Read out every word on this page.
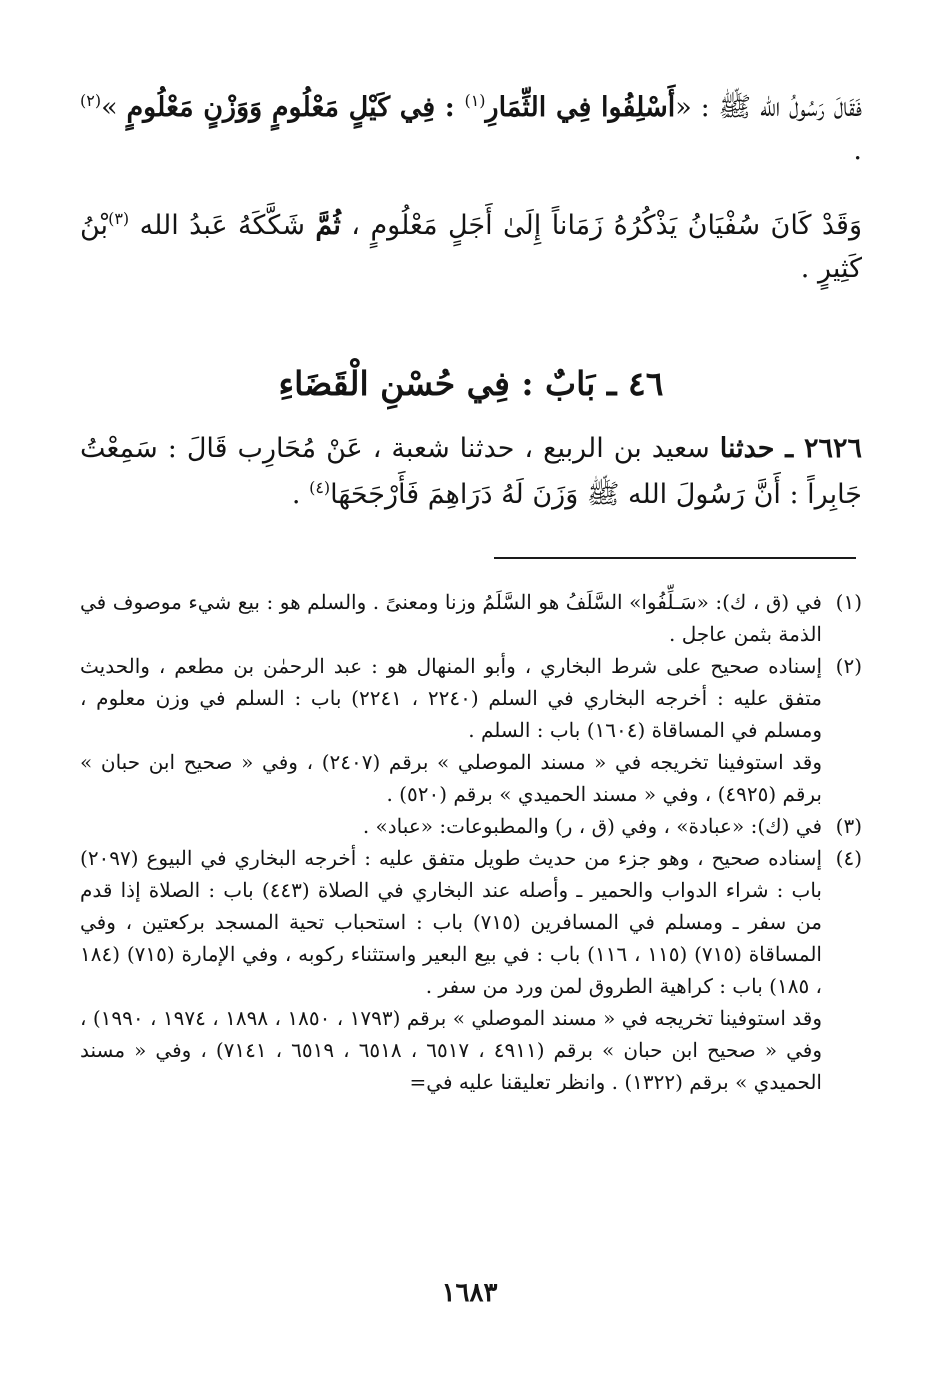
فَقَالَ رَسُولُ الله ﷺ : «أَسْلِفُوا فِي الثِّمَارِ$^{(١)}$ : فِي كَيْلٍ مَعْلُومٍ وَوَزْنٍ مَعْلُومٍ »$^{(٢)}$ .

وَقَدْ كَانَ سُفْيَانُ يَذْكُرُهُ زَمَاناً إِلَىٰ أَجَلٍ مَعْلُومٍ ، ثُمَّ شَكَّكَهُ عَبدُ الله $^{(٣)}$بْنُ كَثِيرٍ .

٤٦ ـ بَابٌ : فِي حُسْنِ الْقَضَاءِ

٢٦٢٦ ـ حدثنا سعيد بن الربيع ، حدثنا شعبة ، عَنْ مُحَارِب قَالَ : سَمِعْتُ جَابِراً : أَنَّ رَسُولَ الله ﷺ وَزَنَ لَهُ دَرَاهِمَ فَأَرْجَحَهَا$^{(٤)}$ .

(١)

في (ق ، ك): «سَـلِّفُوا» السَّلَفُ هو السَّلَمُ وزنا ومعنىً . والسلم هو : بيع شيء موصوف في الذمة بثمن عاجل .

(٢)

إسناده صحيح على شرط البخاري ، وأبو المنهال هو : عبد الرحمٰن بن مطعم ، والحديث متفق عليه : أخرجه البخاري في السلم (٢٢٤٠ ، ٢٢٤١) باب : السلم في وزن معلوم ، ومسلم في المساقاة (١٦٠٤) باب : السلم .

وقد استوفينا تخريجه في « مسند الموصلي » برقم (٢٤٠٧) ، وفي « صحيح ابن حبان » برقم (٤٩٢٥) ، وفي « مسند الحميدي » برقم (٥٢٠) .

(٣)

في (ك): «عبادة» ، وفي (ق ، ر) والمطبوعات: «عباد» .

(٤)

إسناده صحيح ، وهو جزء من حديث طويل متفق عليه : أخرجه البخاري في البيوع (٢٠٩٧) باب : شراء الدواب والحمير ـ وأصله عند البخاري في الصلاة (٤٤٣) باب : الصلاة إذا قدم من سفر ـ ومسلم في المسافرين (٧١٥) باب : استحباب تحية المسجد بركعتين ، وفي المساقاة (٧١٥) (١١٥ ، ١١٦) باب : في بيع البعير واستثناء ركوبه ، وفي الإمارة (٧١٥) (١٨٤ ، ١٨٥) باب : كراهية الطروق لمن ورد من سفر .

وقد استوفينا تخريجه في « مسند الموصلي » برقم (١٧٩٣ ، ١٨٥٠ ، ١٨٩٨ ، ١٩٧٤ ، ١٩٩٠) ، وفي « صحيح ابن حبان » برقم (٤٩١١ ، ٦٥١٧ ، ٦٥١٨ ، ٦٥١٩ ، ٧١٤١) ، وفي « مسند الحميدي » برقم (١٣٢٢) . وانظر تعليقنا عليه في=

١٦٨٣
